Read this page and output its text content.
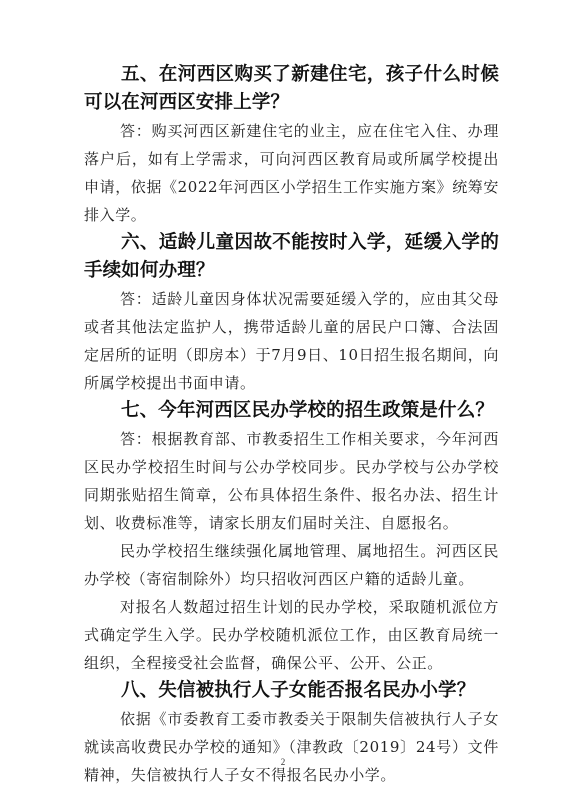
五、在河西区购买了新建住宅，孩子什么时候可以在河西区安排上学？

答：购买河西区新建住宅的业主，应在住宅入住、办理落户后，如有上学需求，可向河西区教育局或所属学校提出申请，依据《2022年河西区小学招生工作实施方案》统筹安排入学。

六、适龄儿童因故不能按时入学，延缓入学的手续如何办理？

答：适龄儿童因身体状况需要延缓入学的，应由其父母或者其他法定监护人，携带适龄儿童的居民户口簿、合法固定居所的证明（即房本）于7月9日、10日招生报名期间，向所属学校提出书面申请。

七、今年河西区民办学校的招生政策是什么？

答：根据教育部、市教委招生工作相关要求，今年河西区民办学校招生时间与公办学校同步。民办学校与公办学校同期张贴招生简章，公布具体招生条件、报名办法、招生计划、收费标准等，请家长朋友们届时关注、自愿报名。

民办学校招生继续强化属地管理、属地招生。河西区民办学校（寄宿制除外）均只招收河西区户籍的适龄儿童。

对报名人数超过招生计划的民办学校，采取随机派位方式确定学生入学。民办学校随机派位工作，由区教育局统一组织，全程接受社会监督，确保公平、公开、公正。

八、失信被执行人子女能否报名民办小学？

依据《市委教育工委市教委关于限制失信被执行人子女就读高收费民办学校的通知》（津教政〔2019〕24号）文件精神，失信被执行人子女不得报名民办小学。

2
